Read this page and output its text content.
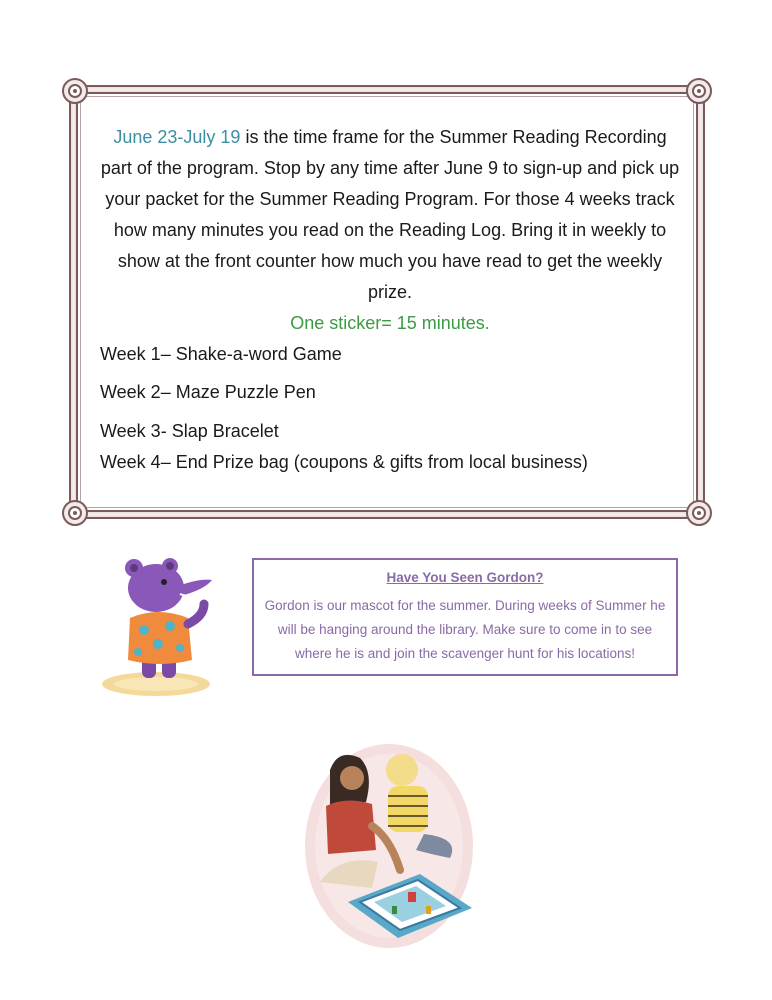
June 23-July 19 is the time frame for the Summer Reading Recording part of the program. Stop by any time after June 9 to sign-up and pick up your packet for the Summer Reading Program. For those 4 weeks track how many minutes you read on the Reading Log. Bring it in weekly to show at the front counter how much you have read to get the weekly prize.

One sticker= 15 minutes.

Week 1– Shake-a-word Game

Week 2– Maze Puzzle Pen

Week 3- Slap Bracelet

Week 4– End Prize bag (coupons & gifts from local business)

Have You Seen Gordon?
Gordon is our mascot for the summer. During weeks of Summer he will be hanging around the library. Make sure to come in to see where he is and join the scavenger hunt for his locations!
